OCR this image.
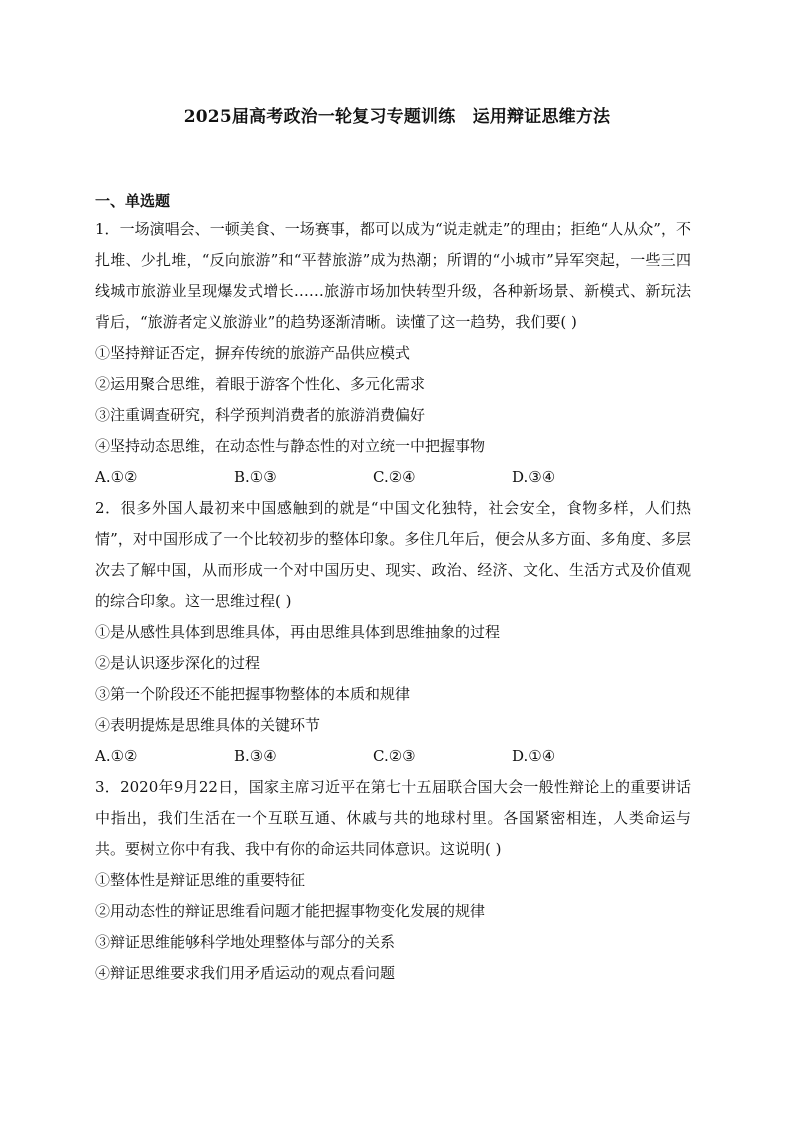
2025届高考政治一轮复习专题训练　运用辩证思维方法
一、单选题

1．一场演唱会、一顿美食、一场赛事，都可以成为“说走就走”的理由；拒绝“人从众”，不扎堆、少扎堆，“反向旅游”和“平替旅游”成为热潮；所谓的“小城市”异军突起，一些三四线城市旅游业呈现爆发式增长……旅游市场加快转型升级，各种新场景、新模式、新玩法背后，“旅游者定义旅游业”的趋势逐渐清晰。读懂了这一趋势，我们要( )

①坚持辩证否定，摒弃传统的旅游产品供应模式
②运用聚合思维，着眼于游客个性化、多元化需求
③注重调查研究，科学预判消费者的旅游消费偏好
④坚持动态思维，在动态性与静态性的对立统一中把握事物
A.①②	B.①③	C.②④	D.③④

2．很多外国人最初来中国感触到的就是“中国文化独特，社会安全，食物多样，人们热情”，对中国形成了一个比较初步的整体印象。多住几年后，便会从多方面、多角度、多层次去了解中国，从而形成一个对中国历史、现实、政治、经济、文化、生活方式及价值观的综合印象。这一思维过程( )

①是从感性具体到思维具体，再由思维具体到思维抽象的过程
②是认识逐步深化的过程
③第一个阶段还不能把握事物整体的本质和规律
④表明提炼是思维具体的关键环节
A.①②	B.③④	C.②③	D.①④

3．2020年9月22日，国家主席习近平在第七十五届联合国大会一般性辩论上的重要讲话中指出，我们生活在一个互联互通、休戚与共的地球村里。各国紧密相连，人类命运与共。要树立你中有我、我中有你的命运共同体意识。这说明( )

①整体性是辩证思维的重要特征
②用动态性的辩证思维看问题才能把握事物变化发展的规律
③辩证思维能够科学地处理整体与部分的关系
④辩证思维要求我们用矛盾运动的观点看问题
